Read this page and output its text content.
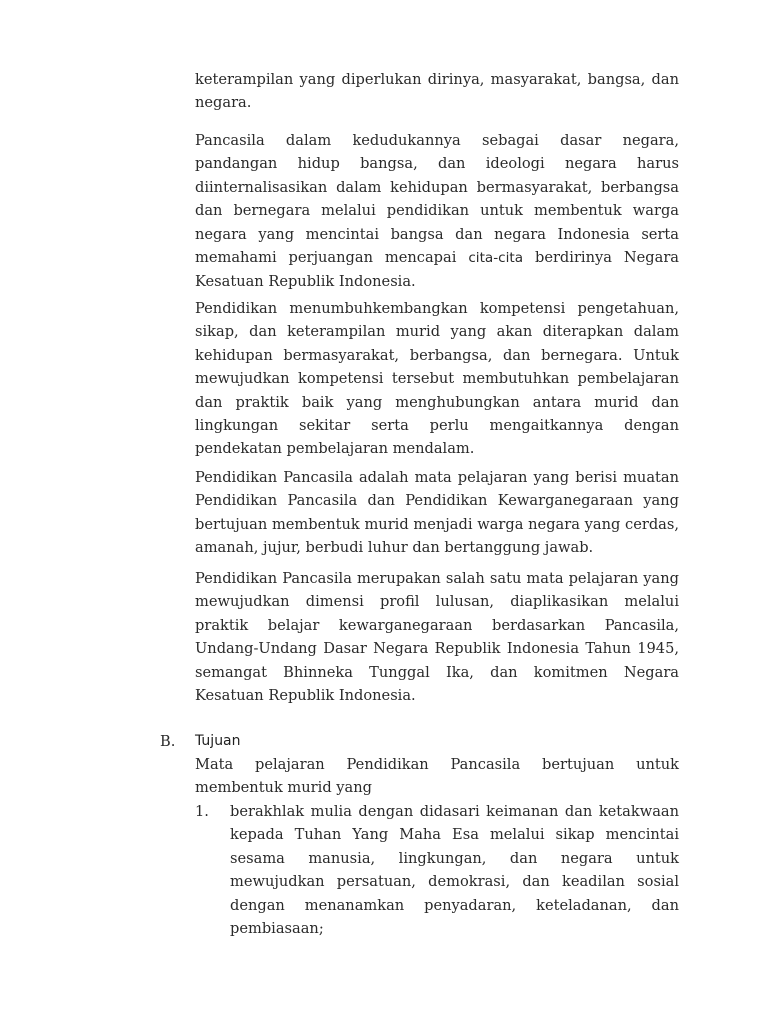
keterampilan yang diperlukan dirinya, masyarakat, bangsa, dan negara.

Pancasila dalam kedudukannya sebagai dasar negara, pandangan hidup bangsa, dan ideologi negara harus diinternalisasikan dalam kehidupan bermasyarakat, berbangsa dan bernegara melalui pendidikan untuk membentuk warga negara yang mencintai bangsa dan negara Indonesia serta memahami perjuangan mencapai cita-cita berdirinya Negara Kesatuan Republik Indonesia.

Pendidikan menumbuhkembangkan kompetensi pengetahuan, sikap, dan keterampilan murid yang akan diterapkan dalam kehidupan bermasyarakat, berbangsa, dan bernegara. Untuk mewujudkan kompetensi tersebut membutuhkan pembelajaran dan praktik baik yang menghubungkan antara murid dan lingkungan sekitar serta perlu mengaitkannya dengan pendekatan pembelajaran mendalam.

Pendidikan Pancasila adalah mata pelajaran yang berisi muatan Pendidikan Pancasila dan Pendidikan Kewarganegaraan yang bertujuan membentuk murid menjadi warga negara yang cerdas, amanah, jujur, berbudi luhur dan bertanggung jawab.

Pendidikan Pancasila merupakan salah satu mata pelajaran yang mewujudkan dimensi profil lulusan, diaplikasikan melalui praktik belajar kewarganegaraan berdasarkan Pancasila, Undang-Undang Dasar Negara Republik Indonesia Tahun 1945, semangat Bhinneka Tunggal Ika, dan komitmen Negara Kesatuan Republik Indonesia.

B. Tujuan

Mata pelajaran Pendidikan Pancasila bertujuan untuk membentuk murid yang

1. berakhlak mulia dengan didasari keimanan dan ketakwaan kepada Tuhan Yang Maha Esa melalui sikap mencintai sesama manusia, lingkungan, dan negara untuk mewujudkan persatuan, demokrasi, dan keadilan sosial dengan menanamkan penyadaran, keteladanan, dan pembiasaan;
